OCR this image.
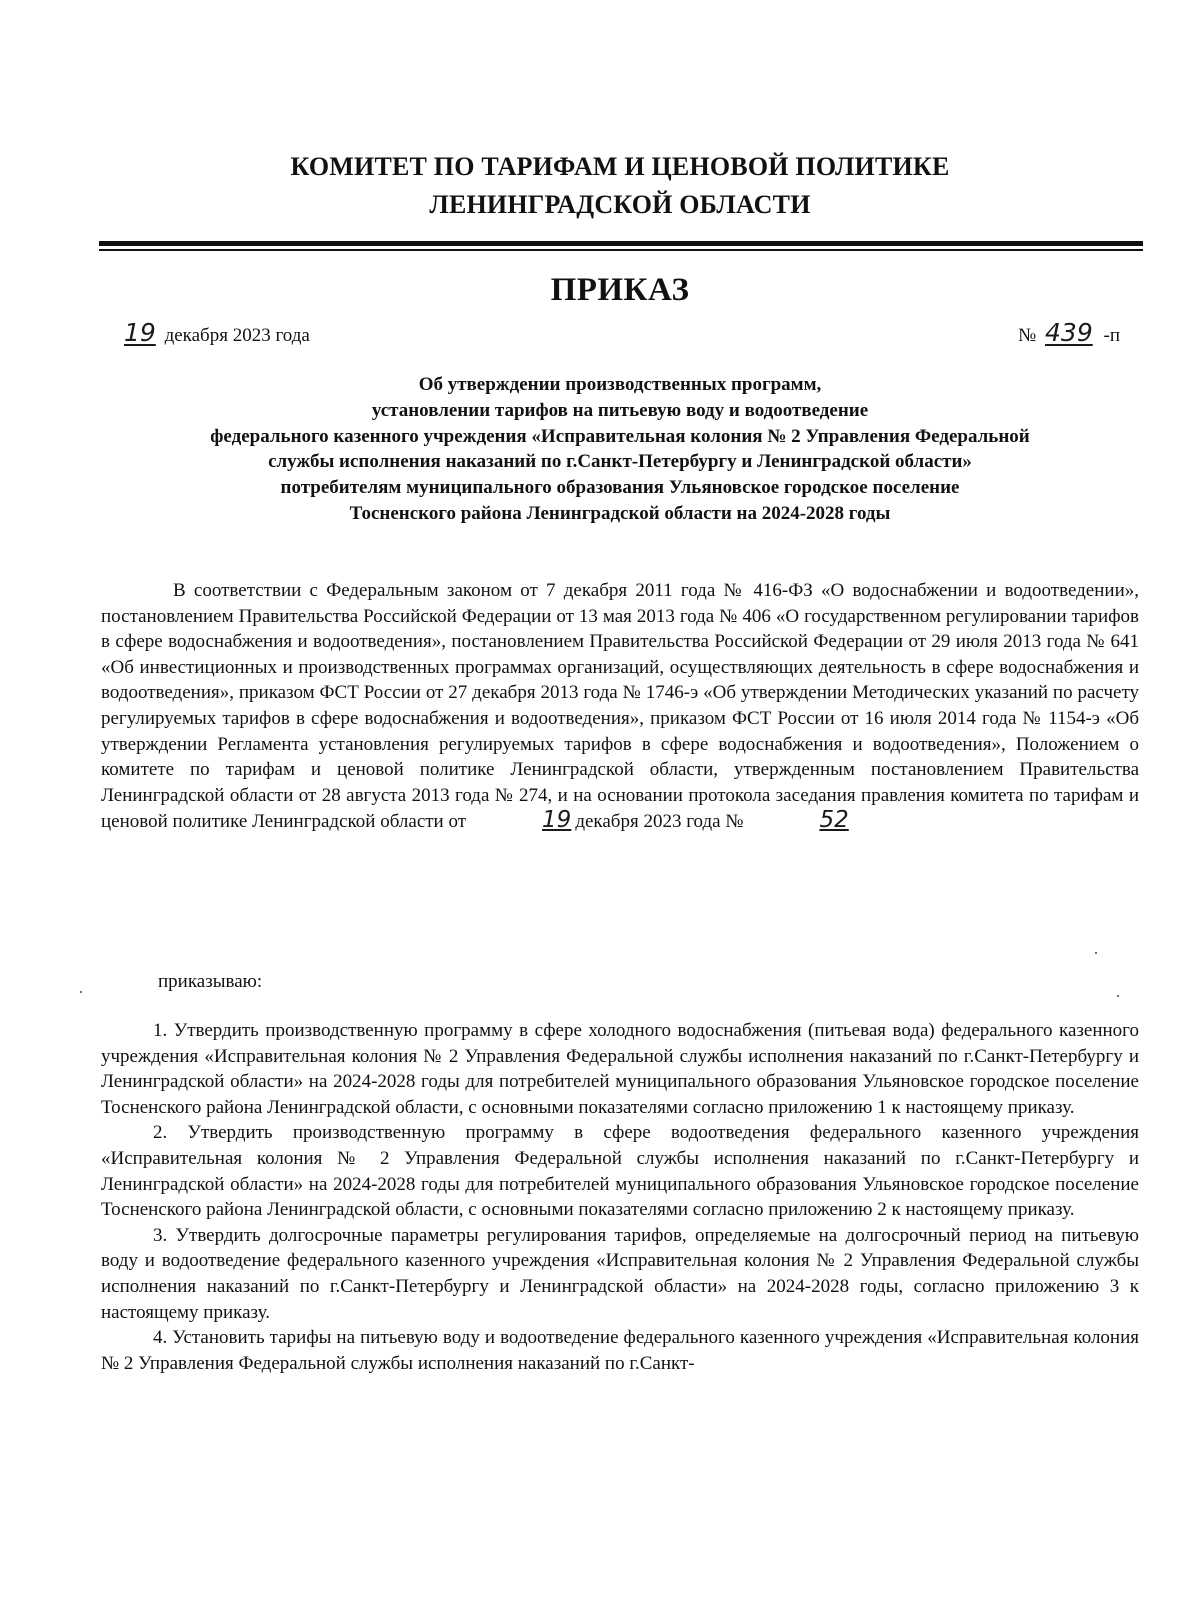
КОМИТЕТ ПО ТАРИФАМ И ЦЕНОВОЙ ПОЛИТИКЕ
ЛЕНИНГРАДСКОЙ ОБЛАСТИ
ПРИКАЗ
19 декабря 2023 года	№ 439 -п
Об утверждении производственных программ,
установлении тарифов на питьевую воду и водоотведение
федерального казенного учреждения «Исправительная колония № 2 Управления Федеральной
службы исполнения наказаний по г.Санкт-Петербургу и Ленинградской области»
потребителям муниципального образования Ульяновское городское поселение
Тосненского района Ленинградской области на 2024-2028 годы

В соответствии с Федеральным законом от 7 декабря 2011 года № 416-ФЗ «О водоснабжении и водоотведении», постановлением Правительства Российской Федерации от 13 мая 2013 года № 406 «О государственном регулировании тарифов в сфере водоснабжения и водоотведения», постановлением Правительства Российской Федерации от 29 июля 2013 года № 641 «Об инвестиционных и производственных программах организаций, осуществляющих деятельность в сфере водоснабжения и водоотведения», приказом ФСТ России от 27 декабря 2013 года № 1746-э «Об утверждении Методических указаний по расчету регулируемых тарифов в сфере водоснабжения и водоотведения», приказом ФСТ России от 16 июля 2014 года № 1154-э «Об утверждении Регламента установления регулируемых тарифов в сфере водоснабжения и водоотведения», Положением о комитете по тарифам и ценовой политике Ленинградской области, утвержденным постановлением Правительства Ленинградской области от 28 августа 2013 года № 274, и на основании протокола заседания правления комитета по тарифам и ценовой политике Ленинградской области от	19 декабря 2023 года №	52

приказываю:

1. Утвердить производственную программу в сфере холодного водоснабжения (питьевая вода) федерального казенного учреждения «Исправительная колония № 2 Управления Федеральной службы исполнения наказаний по г.Санкт-Петербургу и Ленинградской области» на 2024-2028 годы для потребителей муниципального образования Ульяновское городское поселение Тосненского района Ленинградской области, с основными показателями согласно приложению 1 к настоящему приказу.

2. Утвердить производственную программу в сфере водоотведения федерального казенного учреждения «Исправительная колония № 2 Управления Федеральной службы исполнения наказаний по г.Санкт-Петербургу и Ленинградской области» на 2024-2028 годы для потребителей муниципального образования Ульяновское городское поселение Тосненского района Ленинградской области, с основными показателями согласно приложению 2 к настоящему приказу.

3. Утвердить долгосрочные параметры регулирования тарифов, определяемые на долгосрочный период на питьевую воду и водоотведение федерального казенного учреждения «Исправительная колония № 2 Управления Федеральной службы исполнения наказаний по г.Санкт-Петербургу и Ленинградской области» на 2024-2028 годы, согласно приложению 3 к настоящему приказу.

4. Установить тарифы на питьевую воду и водоотведение федерального казенного учреждения «Исправительная колония № 2 Управления Федеральной службы исполнения наказаний по г.Санкт-
